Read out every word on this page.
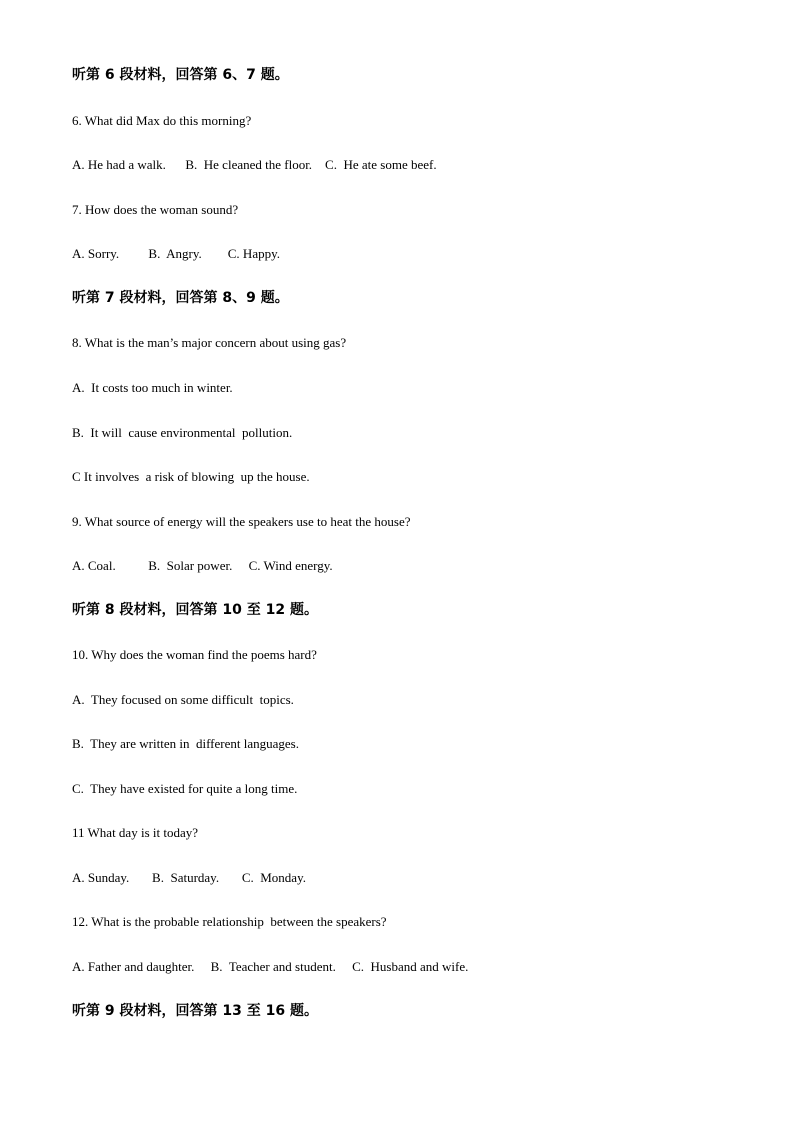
听第 6 段材料，回答第 6、7 题。
6. What did Max do this morning?
A. He had a walk.      B.  He cleaned the floor.    C.  He ate some beef.
7. How does the woman sound?
A. Sorry.         B.  Angry.        C. Happy.
听第 7 段材料，回答第 8、9 题。
8. What is the man’s major concern about using gas?
A.  It costs too much in winter.
B.  It will  cause environmental  pollution.
C It involves  a risk of blowing  up the house.
9. What source of energy will the speakers use to heat the house?
A. Coal.          B.  Solar power.     C. Wind energy.
听第 8 段材料，回答第 10 至 12 题。
10. Why does the woman find the poems hard?
A.  They focused on some difficult  topics.
B.  They are written in  different languages.
C.  They have existed for quite a long time.
11 What day is it today?
A. Sunday.       B.  Saturday.       C.  Monday.
12. What is the probable relationship  between the speakers?
A. Father and daughter.     B.  Teacher and student.     C.  Husband and wife.
听第 9 段材料，回答第 13 至 16 题。
